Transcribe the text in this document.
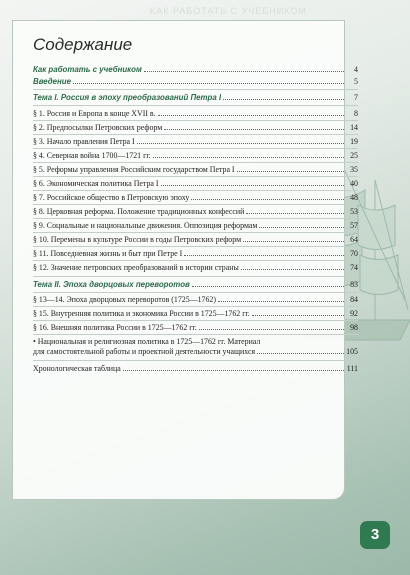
КАК РАБОТАТЬ С УЧЕБНИКОМ
Содержание
Как работать с учебником	4
Введение	5
Тема I. Россия в эпоху преобразований Петра I	7
§ 1. Россия и Европа в конце XVII в.	8
§ 2. Предпосылки Петровских реформ	14
§ 3. Начало правления Петра I	19
§ 4. Северная война 1700—1721 гг.	25
§ 5. Реформы управления Российским государством Петра I	35
§ 6. Экономическая политика Петра I	40
§ 7. Российское общество в Петровскую эпоху	48
§ 8. Церковная реформа. Положение традиционных конфессий	53
§ 9. Социальные и национальные движения. Оппозиция реформам	57
§ 10. Перемены в культуре России в годы Петровских реформ	64
§ 11. Повседневная жизнь и быт при Петре I	70
§ 12. Значение петровских преобразований в истории страны	74
Тема II. Эпоха дворцовых переворотов	83
§ 13—14. Эпоха дворцовых переворотов (1725—1762)	84
§ 15. Внутренняя политика и экономика России в 1725—1762 гг.	92
§ 16. Внешняя политика России в 1725—1762 гг.	98
• Национальная и религиозная политика в 1725—1762 гг. Материал
для самостоятельной работы и проектной деятельности учащихся	105
Хронологическая таблица	111
3
